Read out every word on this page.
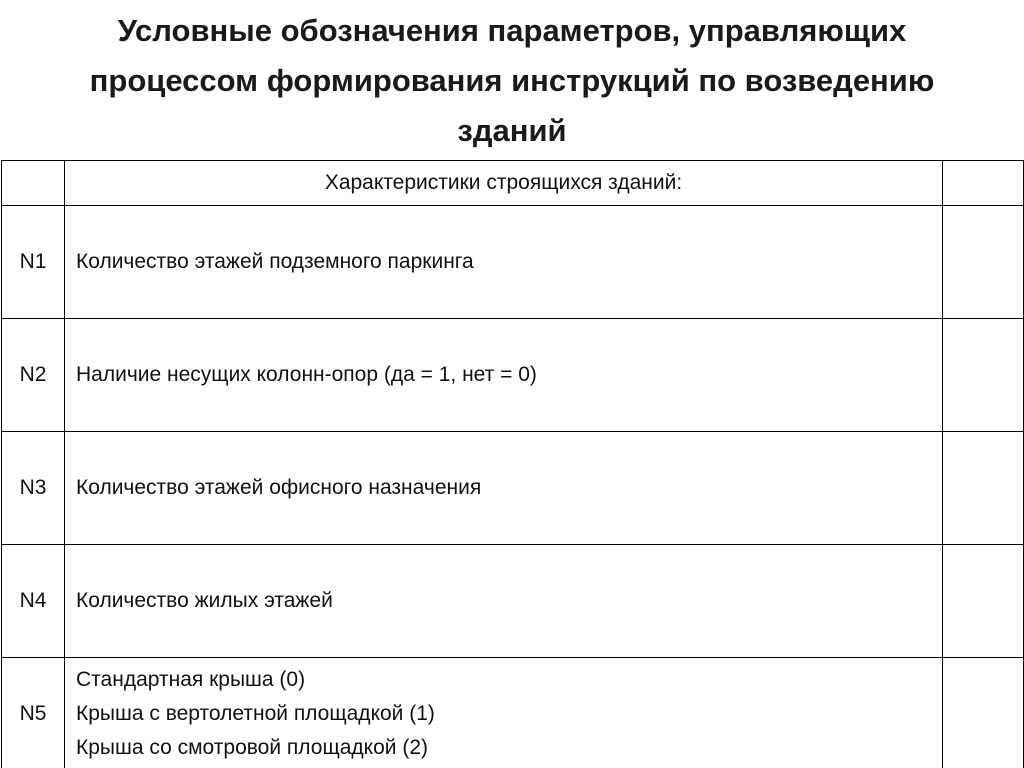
Условные обозначения параметров, управляющих
процессом формирования инструкций по возведению
зданий
	Характеристики строящихся зданий:	
N1	Количество этажей подземного паркинга	
N2	Наличие несущих колонн-опор (да = 1, нет = 0)	
N3	Количество этажей офисного назначения	
N4	Количество жилых этажей	
N5	Стандартная крыша (0)
Крыша с вертолетной площадкой (1)
Крыша со смотровой площадкой (2)	
